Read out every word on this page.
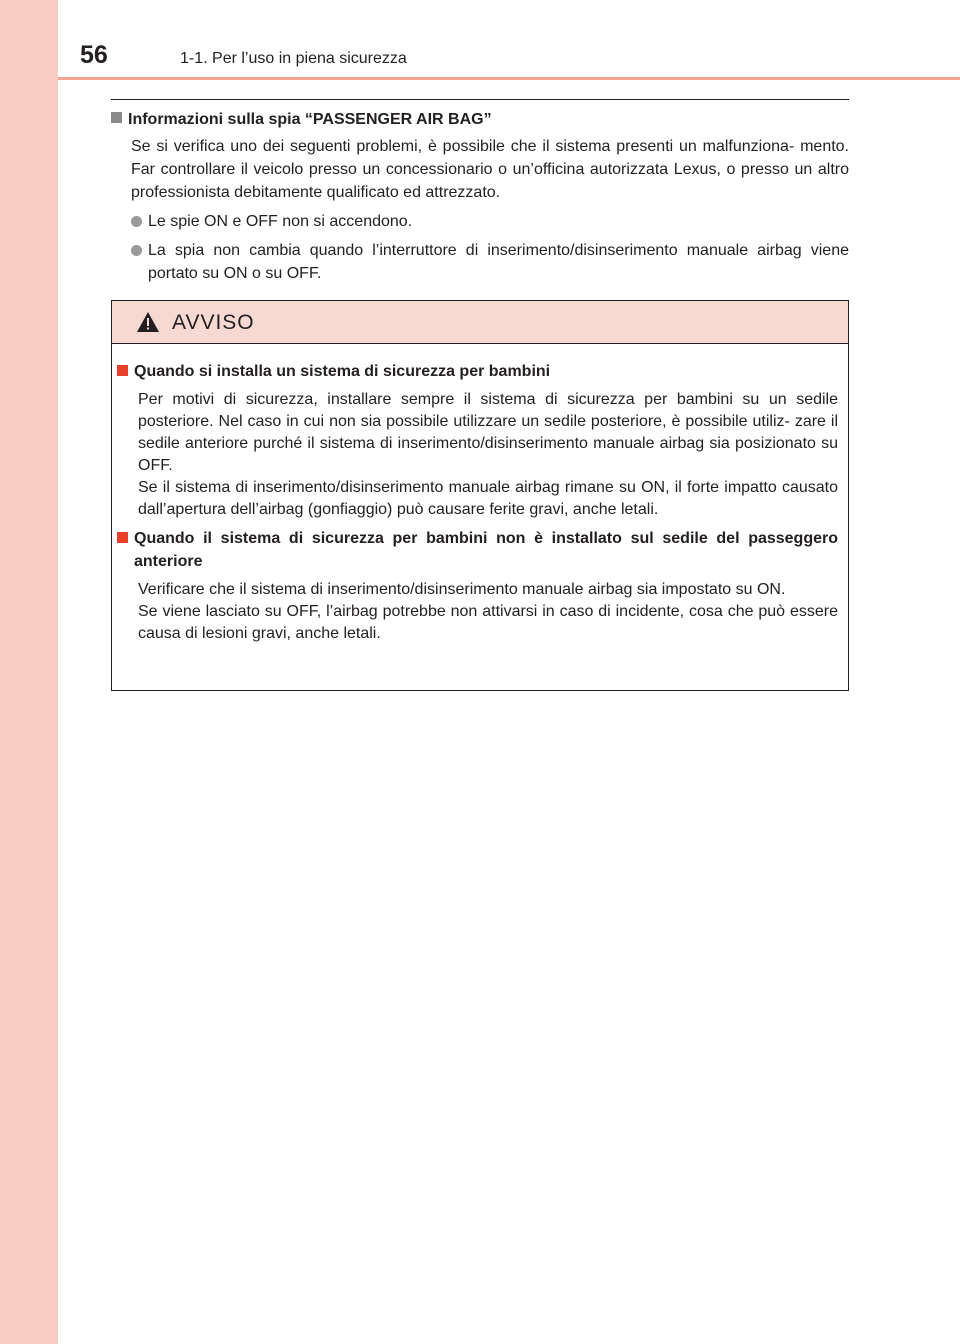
56	1-1. Per l’uso in piena sicurezza
Informazioni sulla spia “PASSENGER AIR BAG”

Se si verifica uno dei seguenti problemi, è possibile che il sistema presenti un malfunziona- mento. Far controllare il veicolo presso un concessionario o un’officina autorizzata Lexus, o presso un altro professionista debitamente qualificato ed attrezzato.

Le spie ON e OFF non si accendono.
La spia non cambia quando l’interruttore di inserimento/disinserimento manuale airbag viene portato su ON o su OFF.
AVVISO
Quando si installa un sistema di sicurezza per bambini

Per motivi di sicurezza, installare sempre il sistema di sicurezza per bambini su un sedile posteriore. Nel caso in cui non sia possibile utilizzare un sedile posteriore, è possibile utiliz- zare il sedile anteriore purché il sistema di inserimento/disinserimento manuale airbag sia posizionato su OFF.

Se il sistema di inserimento/disinserimento manuale airbag rimane su ON, il forte impatto causato dall’apertura dell’airbag (gonfiaggio) può causare ferite gravi, anche letali.

Quando il sistema di sicurezza per bambini non è installato sul sedile del passeggero anteriore

Verificare che il sistema di inserimento/disinserimento manuale airbag sia impostato su ON.

Se viene lasciato su OFF, l’airbag potrebbe non attivarsi in caso di incidente, cosa che può essere causa di lesioni gravi, anche letali.
